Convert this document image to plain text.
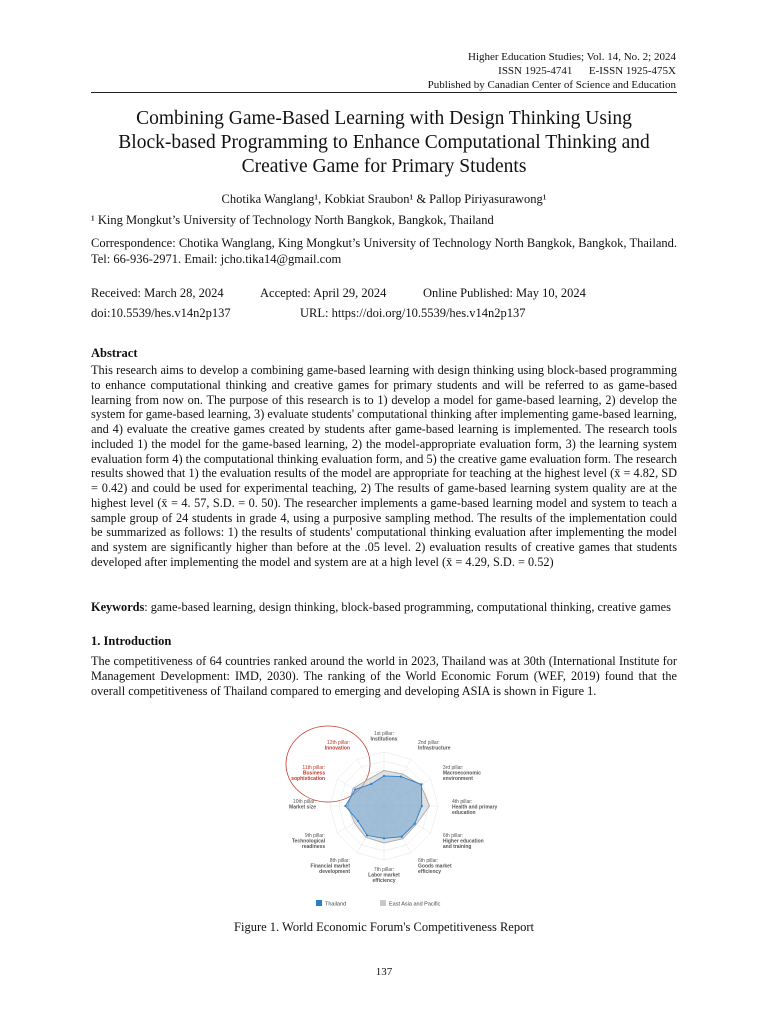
Higher Education Studies; Vol. 14, No. 2; 2024
ISSN 1925-4741      E-ISSN 1925-475X
Published by Canadian Center of Science and Education
Combining Game-Based Learning with Design Thinking Using
Block-based Programming to Enhance Computational Thinking and
Creative Game for Primary Students
Chotika Wanglang¹, Kobkiat Sraubon¹ & Pallop Piriyasurawong¹
¹ King Mongkut’s University of Technology North Bangkok, Bangkok, Thailand
Correspondence: Chotika Wanglang, King Mongkut’s University of Technology North Bangkok, Bangkok, Thailand. Tel: 66-936-2971. Email: jcho.tika14@gmail.com
Received: March 28, 2024	Accepted: April 29, 2024	Online Published: May 10, 2024
doi:10.5539/hes.v14n2p137	URL: https://doi.org/10.5539/hes.v14n2p137
Abstract

This research aims to develop a combining game-based learning with design thinking using block-based programming to enhance computational thinking and creative games for primary students and will be referred to as game-based learning from now on. The purpose of this research is to 1) develop a model for game-based learning, 2) develop the system for game-based learning, 3) evaluate students' computational thinking after implementing game-based learning, and 4) evaluate the creative games created by students after game-based learning is implemented. The research tools included 1) the model for the game-based learning, 2) the model-appropriate evaluation form, 3) the learning system evaluation form 4) the computational thinking evaluation form, and 5) the creative game evaluation form. The research results showed that 1) the evaluation results of the model are appropriate for teaching at the highest level (x̄ = 4.82, SD = 0.42) and could be used for experimental teaching, 2) The results of game-based learning system quality are at the highest level (x̄ = 4. 57, S.D. = 0. 50). The researcher implements a game-based learning model and system to teach a sample group of 24 students in grade 4, using a purposive sampling method. The results of the implementation could be summarized as follows: 1) the results of students' computational thinking evaluation after implementing the model and system are significantly higher than before at the .05 level. 2) evaluation results of creative games that students developed after implementing the model and system are at a high level (x̄ = 4.29, S.D. = 0.52)

Keywords: game-based learning, design thinking, block-based programming, computational thinking, creative games
1. Introduction

The competitiveness of 64 countries ranked around the world in 2023, Thailand was at 30th (International Institute for Management Development: IMD, 2030). The ranking of the World Economic Forum (WEF, 2019) found that the overall competitiveness of Thailand compared to emerging and developing ASIA is shown in Figure 1.

1st pillar: Institutions
2nd pillar: Infrastructure
3rd pillar: Macroeconomic environment
4th pillar: Health and primary education
6th pillar: Higher education and training
6th pillar: Goods market efficiency
7th pillar: Labor market efficiency
8th pillar: Financial market development
9th pillar: Technological readiness
10th pillar: Market size
11th pillar: Business sophistication
12th pillar: Innovation
Thailand	East Asia and Pacific
Figure 1. World Economic Forum's Competitiveness Report
137
